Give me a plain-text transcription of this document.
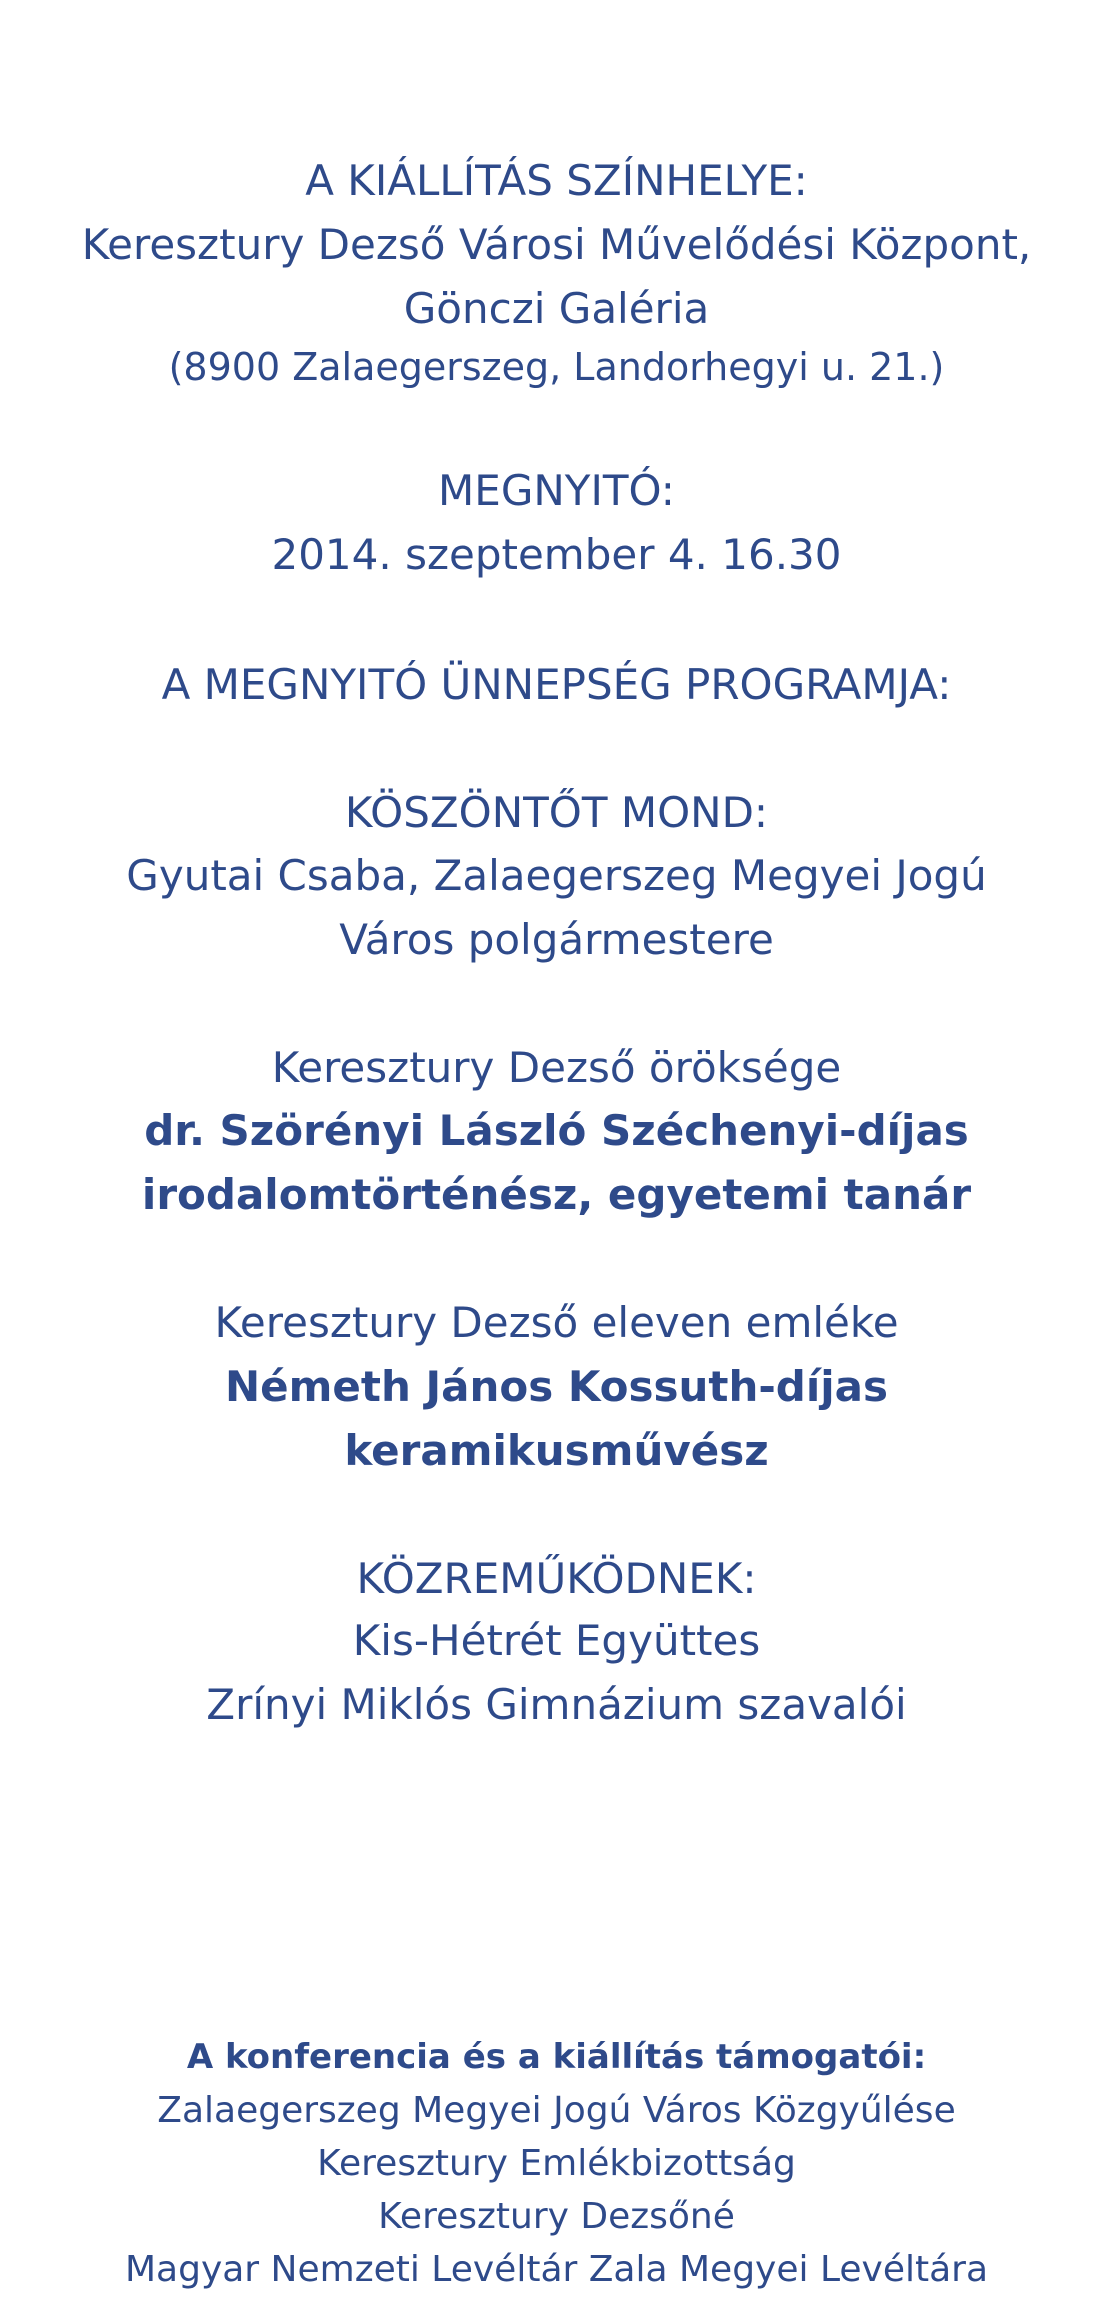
A KIÁLLÍTÁS SZÍNHELYE:
Keresztury Dezső Városi Művelődési Központ,
Gönczi Galéria
(8900 Zalaegerszeg, Landorhegyi u. 21.)
MEGNYITÓ:
2014. szeptember 4. 16.30
A MEGNYITÓ ÜNNEPSÉG PROGRAMJA:
KÖSZÖNTŐT MOND:
Gyutai Csaba, Zalaegerszeg Megyei Jogú
Város polgármestere
Keresztury Dezső öröksége
dr. Szörényi László Széchenyi-díjas
irodalomtörténész, egyetemi tanár
Keresztury Dezső eleven emléke
Németh János Kossuth-díjas
keramikusművész
KÖZREMŰKÖDNEK:
Kis-Hétrét Együttes
Zrínyi Miklós Gimnázium szavalói
A konferencia és a kiállítás támogatói:
Zalaegerszeg Megyei Jogú Város Közgyűlése
Keresztury Emlékbizottság
Keresztury Dezsőné
Magyar Nemzeti Levéltár Zala Megyei Levéltára
